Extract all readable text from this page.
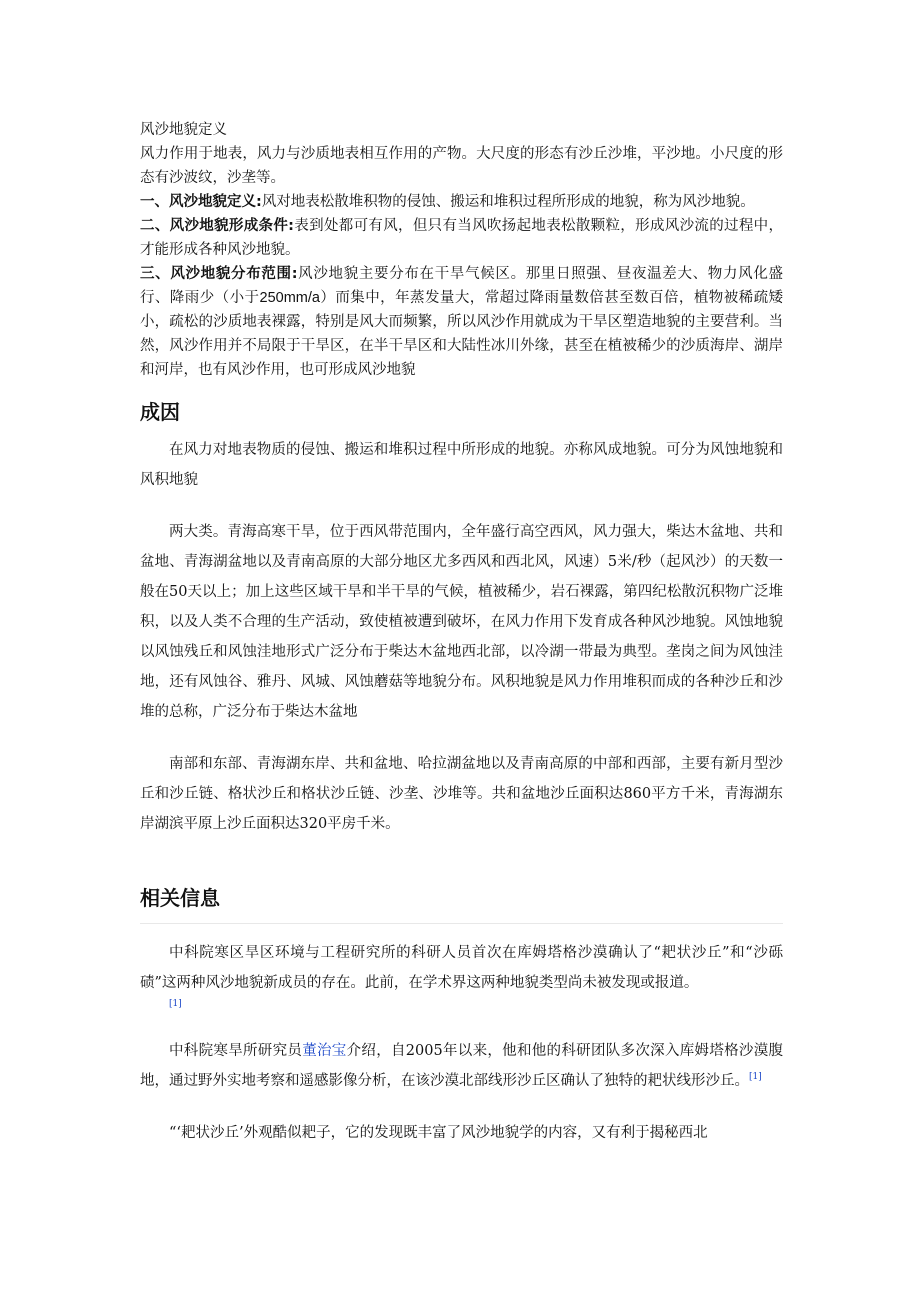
风沙地貌定义

风力作用于地表，风力与沙质地表相互作用的产物。大尺度的形态有沙丘沙堆，平沙地。小尺度的形态有沙波纹，沙垄等。

一、风沙地貌定义:风对地表松散堆积物的侵蚀、搬运和堆积过程所形成的地貌，称为风沙地貌。

二、风沙地貌形成条件:表到处都可有风，但只有当风吹扬起地表松散颗粒，形成风沙流的过程中，才能形成各种风沙地貌。

三、风沙地貌分布范围:风沙地貌主要分布在干旱气候区。那里日照强、昼夜温差大、物力风化盛行、降雨少（小于250mm/a）而集中，年蒸发量大，常超过降雨量数倍甚至数百倍，植物被稀疏矮小，疏松的沙质地表裸露，特别是风大而频繁，所以风沙作用就成为干旱区塑造地貌的主要营利。当然，风沙作用并不局限于干旱区，在半干旱区和大陆性冰川外缘，甚至在植被稀少的沙质海岸、湖岸和河岸，也有风沙作用，也可形成风沙地貌

成因

在风力对地表物质的侵蚀、搬运和堆积过程中所形成的地貌。亦称风成地貌。可分为风蚀地貌和风积地貌

两大类。青海高寒干旱，位于西风带范围内，全年盛行高空西风，风力强大，柴达木盆地、共和盆地、青海湖盆地以及青南高原的大部分地区尤多西风和西北风，风速）5米/秒（起风沙）的天数一般在50天以上；加上这些区域干旱和半干旱的气候，植被稀少，岩石裸露，第四纪松散沉积物广泛堆积，以及人类不合理的生产活动，致使植被遭到破坏，在风力作用下发育成各种风沙地貌。风蚀地貌以风蚀残丘和风蚀洼地形式广泛分布于柴达木盆地西北部，以冷湖一带最为典型。垄岗之间为风蚀洼地，还有风蚀谷、雅丹、风城、风蚀蘑菇等地貌分布。风积地貌是风力作用堆积而成的各种沙丘和沙堆的总称，广泛分布于柴达木盆地

南部和东部、青海湖东岸、共和盆地、哈拉湖盆地以及青南高原的中部和西部，主要有新月型沙丘和沙丘链、格状沙丘和格状沙丘链、沙垄、沙堆等。共和盆地沙丘面积达860平方千米，青海湖东岸湖滨平原上沙丘面积达320平房千米。

相关信息

中科院寒区旱区环境与工程研究所的科研人员首次在库姆塔格沙漠确认了“耙状沙丘”和“沙砾碛”这两种风沙地貌新成员的存在。此前，在学术界这两种地貌类型尚未被发现或报道。
[1]

中科院寒旱所研究员董治宝介绍，自2005年以来，他和他的科研团队多次深入库姆塔格沙漠腹地，通过野外实地考察和遥感影像分析，在该沙漠北部线形沙丘区确认了独特的耙状线形沙丘。[1]

“‘耙状沙丘’外观酷似耙子，它的发现既丰富了风沙地貌学的内容，又有利于揭秘西北
